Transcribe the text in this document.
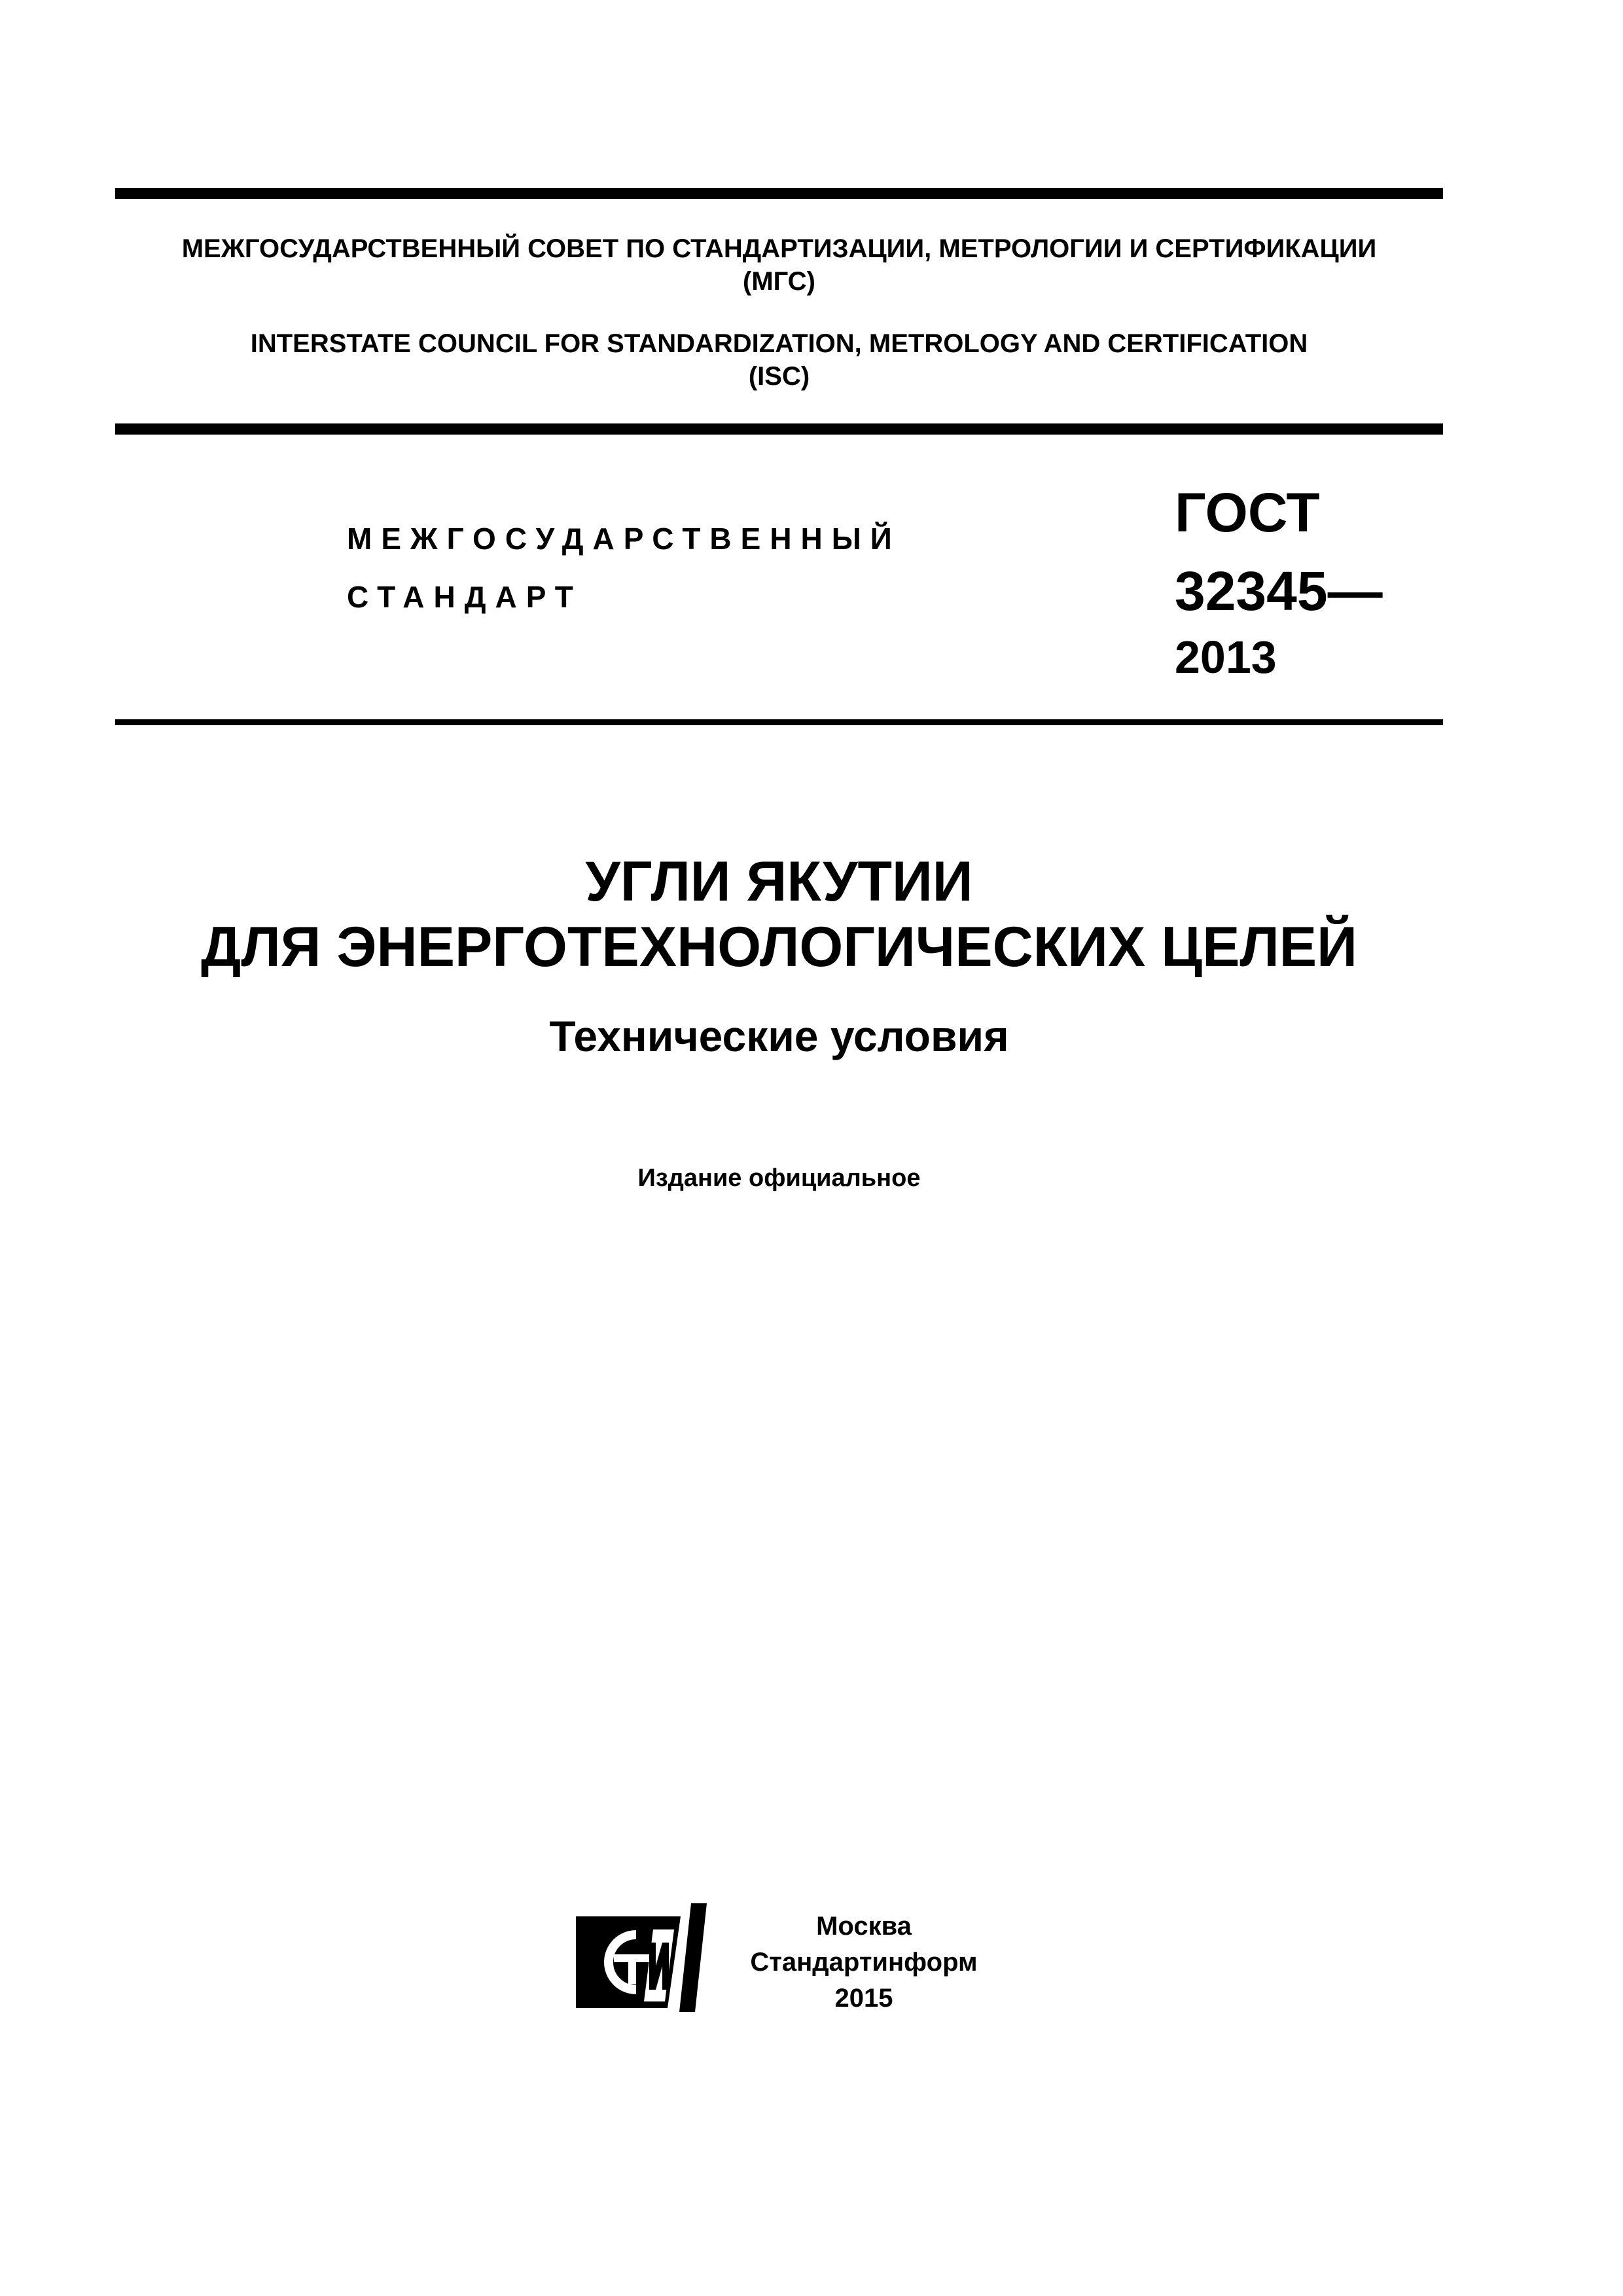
МЕЖГОСУДАРСТВЕННЫЙ СОВЕТ ПО СТАНДАРТИЗАЦИИ, МЕТРОЛОГИИ И СЕРТИФИКАЦИИ
(МГС)
INTERSTATE COUNCIL FOR STANDARDIZATION, METROLOGY AND CERTIFICATION
(ISC)
МЕЖГОСУДАРСТВЕННЫЙ
СТАНДАРТ
ГОСТ
32345—
2013
УГЛИ ЯКУТИИ
ДЛЯ ЭНЕРГОТЕХНОЛОГИЧЕСКИХ ЦЕЛЕЙ
Технические условия
Издание официальное
Москва
Стандартинформ
2015
